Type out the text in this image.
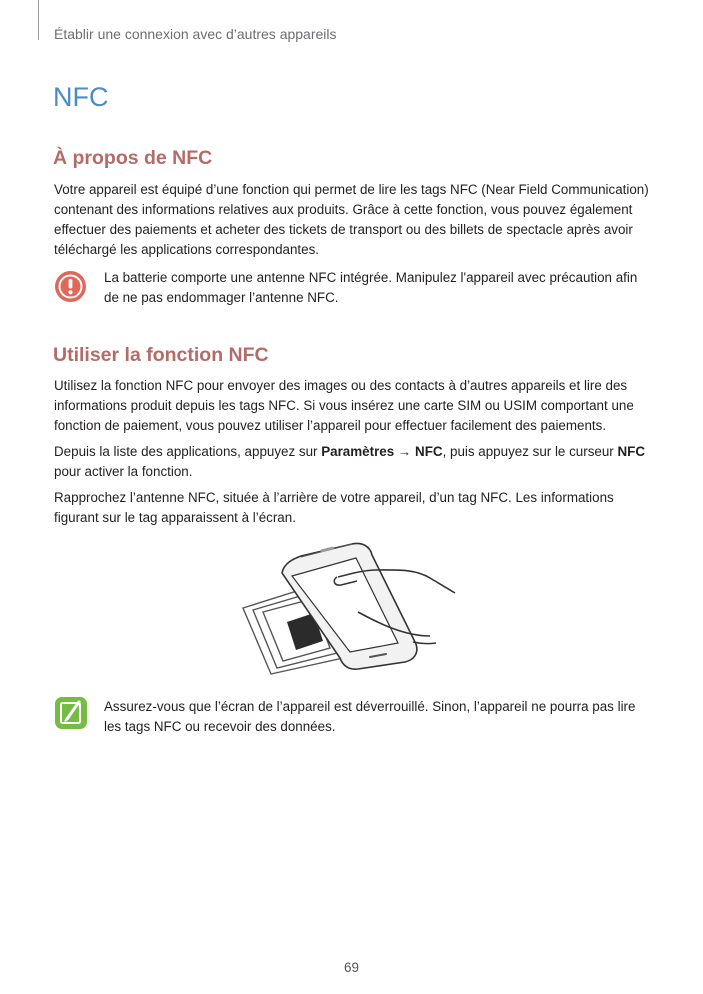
Établir une connexion avec d’autres appareils
NFC
À propos de NFC

Votre appareil est équipé d’une fonction qui permet de lire les tags NFC (Near Field Communication) contenant des informations relatives aux produits. Grâce à cette fonction, vous pouvez également effectuer des paiements et acheter des tickets de transport ou des billets de spectacle après avoir téléchargé les applications correspondantes.

La batterie comporte une antenne NFC intégrée. Manipulez l'appareil avec précaution afin de ne pas endommager l’antenne NFC.

Utiliser la fonction NFC

Utilisez la fonction NFC pour envoyer des images ou des contacts à d’autres appareils et lire des informations produit depuis les tags NFC. Si vous insérez une carte SIM ou USIM comportant une fonction de paiement, vous pouvez utiliser l’appareil pour effectuer facilement des paiements.

Depuis la liste des applications, appuyez sur Paramètres → NFC, puis appuyez sur le curseur NFC pour activer la fonction.

Rapprochez l’antenne NFC, située à l’arrière de votre appareil, d’un tag NFC. Les informations figurant sur le tag apparaissent à l’écran.

Assurez-vous que l’écran de l’appareil est déverrouillé. Sinon, l’appareil ne pourra pas lire les tags NFC ou recevoir des données.

69
